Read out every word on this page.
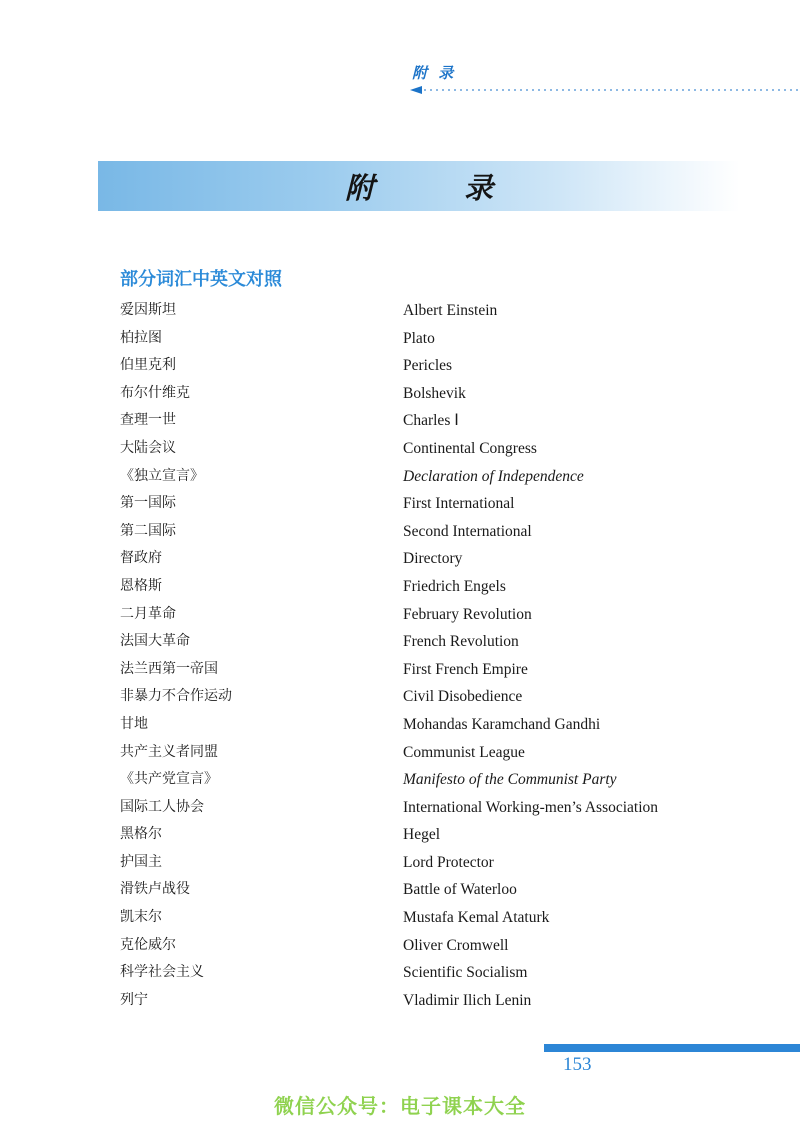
附 录
附 录
部分词汇中英文对照
爱因斯坦	Albert Einstein
柏拉图	Plato
伯里克利	Pericles
布尔什维克	Bolshevik
查理一世	Charles Ⅰ
大陆会议	Continental Congress
《独立宣言》	Declaration of Independence
第一国际	First International
第二国际	Second International
督政府	Directory
恩格斯	Friedrich Engels
二月革命	February Revolution
法国大革命	French Revolution
法兰西第一帝国	First French Empire
非暴力不合作运动	Civil Disobedience
甘地	Mohandas Karamchand Gandhi
共产主义者同盟	Communist League
《共产党宣言》	Manifesto of the Communist Party
国际工人协会	International Working-men’s Association
黑格尔	Hegel
护国主	Lord Protector
滑铁卢战役	Battle of Waterloo
凯末尔	Mustafa Kemal Ataturk
克伦威尔	Oliver Cromwell
科学社会主义	Scientific Socialism
列宁	Vladimir Ilich Lenin
153
微信公众号：电子课本大全
